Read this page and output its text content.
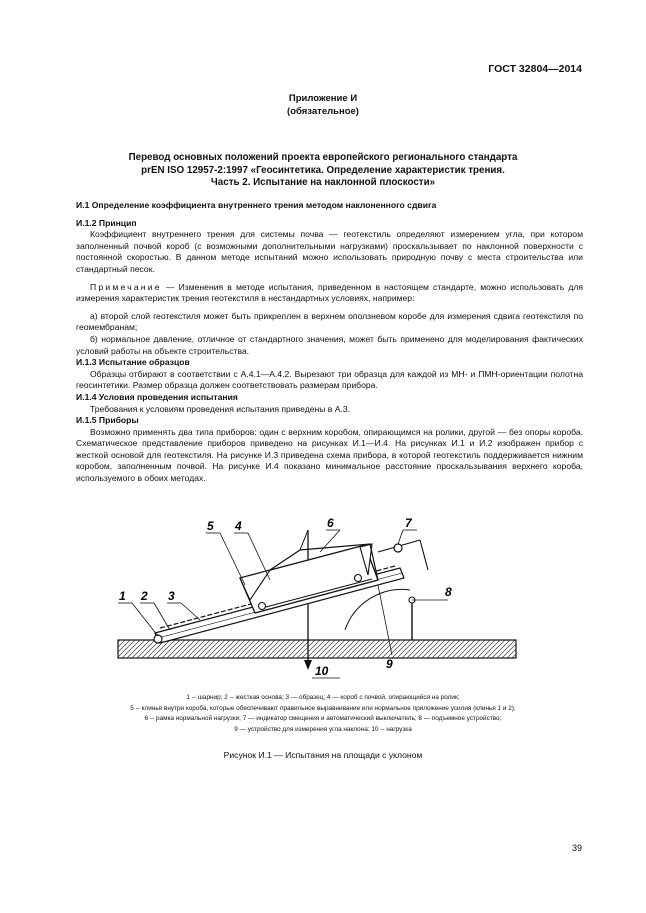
ГОСТ 32804—2014
Приложение И
(обязательное)
Перевод основных положений проекта европейского регионального стандарта
prEN ISO 12957-2:1997 «Геосинтетика. Определение характеристик трения.
Часть 2. Испытание на наклонной плоскости»

И.1 Определение коэффициента внутреннего трения методом наклоненного сдвига

И.1.2 Принцип

Коэффициент внутреннего трения для системы почва — геотекстиль определяют измерением угла, при котором заполненный почвой короб (с возможными дополнительными нагрузками) проскальзывает по наклонной поверхности с постоянной скоростью. В данном методе испытаний можно использовать природную почву с места строительства или стандартный песок.

Примечание — Изменения в методе испытания, приведенном в настоящем стандарте, можно использовать для измерения характеристик трения геотекстиля в нестандартных условиях, например:

а) второй слой геотекстиля может быть прикреплен в верхнем оползневом коробе для измерения сдвига геотекстиля по геомембранам;

б) нормальное давление, отличное от стандартного значения, может быть применено для моделирования фактических условий работы на объекте строительства.

И.1.3 Испытание образцов

Образцы отбирают в соответствии с А.4.1—А.4.2. Вырезают три образца для каждой из МН- и ПМН-ориентации полотна геосинтетики. Размер образца должен соответствовать размерам прибора.

И.1.4 Условия проведения испытания

Требования к условиям проведения испытания приведены в А.3.

И.1.5 Приборы

Возможно применять два типа приборов: один с верхним коробом, опирающимся на ролики, другой — без опоры короба. Схематическое представление приборов приведено на рисунках И.1—И.4. На рисунках И.1 и И.2 изображен прибор с жесткой основой для геотекстиля. На рисунке И.3 приведена схема прибора, в которой геотекстиль поддерживается нижним коробом, заполненным почвой. На рисунке И.4 показано минимальное расстояние проскальзывания верхнего короба, используемого в обоих методах.

1 2 3
4
5	6	7
8
9
10
1 -- шарнир; 2 -- жесткая основа; 3 — образец; 4 — короб с почвой, опирающийся на ролик;
5 -- клинья внутри короба, которые обеспечивают правильное выравнивание или нормальное приложение усилия (клинья 1 и 2);
6 -- рамка нормальной нагрузки; 7 — индикатор смещения и автоматический выключатель; 8 — подъемное устройство;
9 — устройство для измерения угла наклона; 10 -- нагрузка
Рисунок И.1 — Испытания на площади с уклоном
39
